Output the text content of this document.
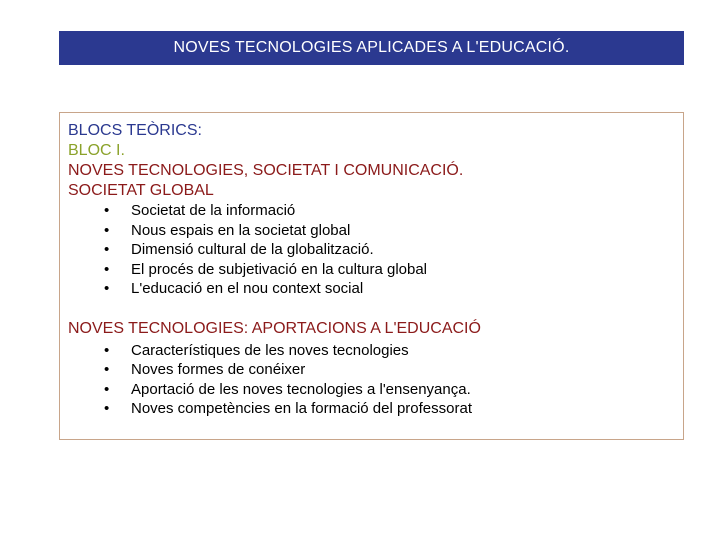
NOVES TECNOLOGIES APLICADES A L'EDUCACIÓ.

BLOCS TEÒRICS:

BLOC I.

NOVES TECNOLOGIES, SOCIETAT I COMUNICACIÓ.

SOCIETAT GLOBAL

• Societat de la informació
• Nous espais en la societat global
• Dimensió cultural de la globalització.
• El procés de subjetivació en la cultura global
• L'educació en el nou context social

NOVES TECNOLOGIES: APORTACIONS A L'EDUCACIÓ

• Característiques de les noves tecnologies
• Noves formes de conéixer
• Aportació de les noves tecnologies a l'ensenyança.
• Noves competències en la formació del professorat
